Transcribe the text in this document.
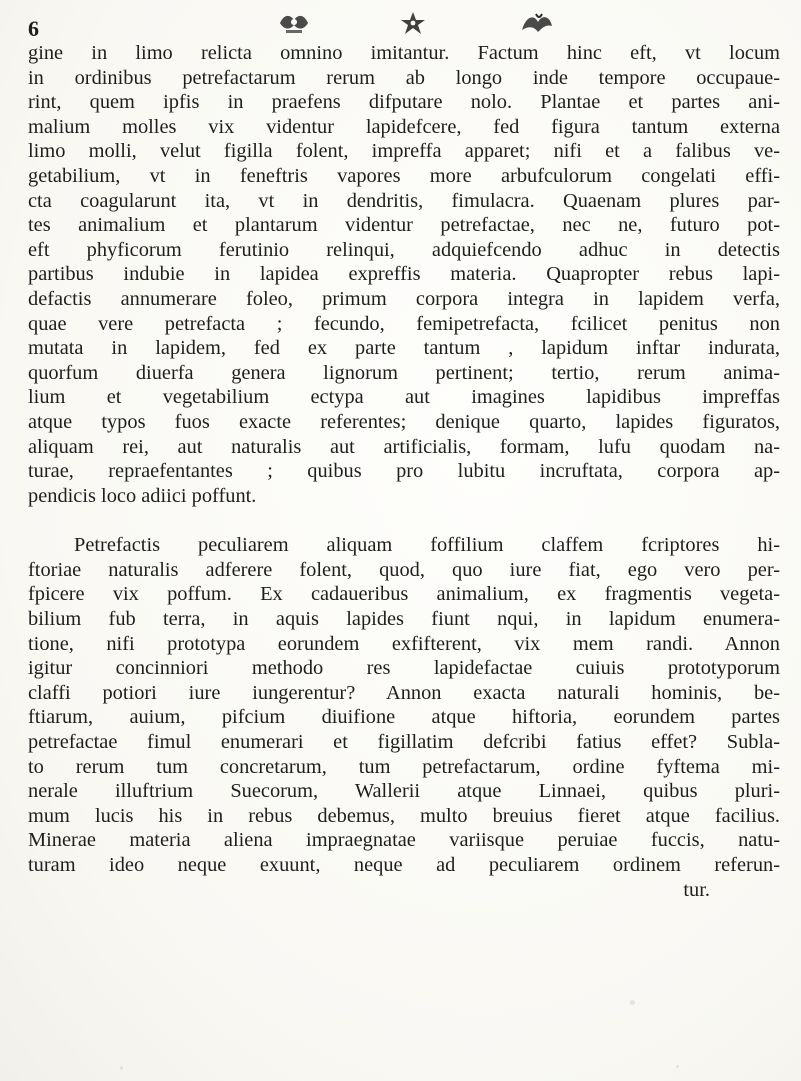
6
gine in limo relicta omnino imitantur. Factum hinc eft, vt locum
in ordinibus petrefactarum rerum ab longo inde tempore occupaue-
rint, quem ipfis in praefens difputare nolo. Plantae et partes ani-
malium molles vix videntur lapidefcere, fed figura tantum externa
limo molli, velut figilla folent, impreffa apparet; nifi et a falibus ve-
getabilium, vt in feneftris vapores more arbufculorum congelati effi-
cta coagularunt ita, vt in dendritis, fimulacra. Quaenam plures par-
tes animalium et plantarum videntur petrefactae, nec ne, futuro pot-
eft phyficorum ferutinio relinqui, adquiefcendo adhuc in detectis
partibus indubie in lapidea expreffis materia. Quapropter rebus lapi-
defactis annumerare foleo, primum corpora integra in lapidem verfa,
quae vere petrefacta ; fecundo, femipetrefacta, fcilicet penitus non
mutata in lapidem, fed ex parte tantum , lapidum inftar indurata,
quorfum diuerfa genera lignorum pertinent; tertio, rerum anima-
lium et vegetabilium ectypa aut imagines lapidibus impreffas
atque typos fuos exacte referentes; denique quarto, lapides figuratos,
aliquam rei, aut naturalis aut artificialis, formam, lufu quodam na-
turae, repraefentantes ; quibus pro lubitu incruftata, corpora ap-
pendicis loco adiici poffunt.
Petrefactis peculiarem aliquam foffilium claffem fcriptores hi-
ftoriae naturalis adferere folent, quod, quo iure fiat, ego vero per-
fpicere vix poffum. Ex cadaueribus animalium, ex fragmentis vegeta-
bilium fub terra, in aquis lapides fiunt nqui, in lapidum enumera-
tione, nifi prototypa eorundem exfifterent, vix mem randi. Annon
igitur concinniori methodo res lapidefactae cuiuis prototyporum
claffi potiori iure iungerentur? Annon exacta naturali hominis, be-
ftiarum, auium, pifcium diuifione atque hiftoria, eorundem partes
petrefactae fimul enumerari et figillatim defcribi fatius effet? Subla-
to rerum tum concretarum, tum petrefactarum, ordine fyftema mi-
nerale illuftrium Suecorum, Wallerii atque Linnaei, quibus pluri-
mum lucis his in rebus debemus, multo breuius fieret atque facilius.
Minerae materia aliena impraegnatae variisque peruiae fuccis, natu-
turam ideo neque exuunt, neque ad peculiarem ordinem referun-
tur.
